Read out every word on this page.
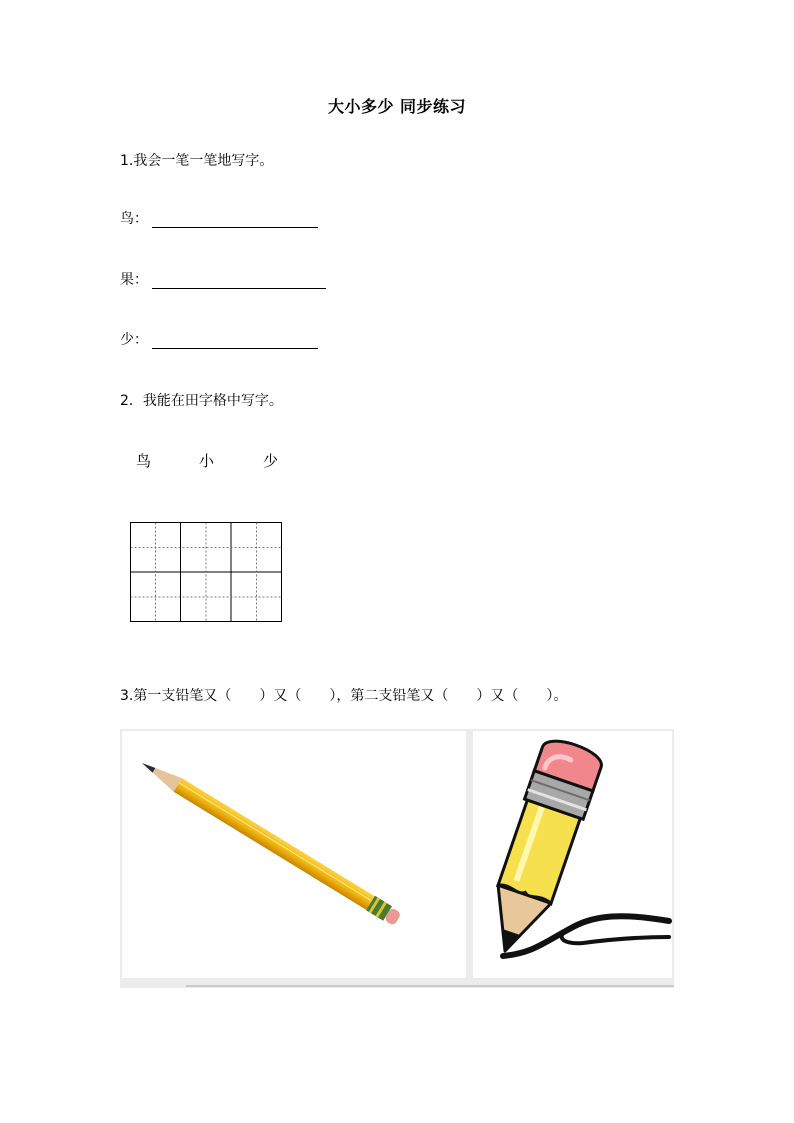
大小多少 同步练习
1.我会一笔一笔地写字。
鸟 ：
果 ：
少 ：
2．我能在田字格中写字。
鸟	小	少
3.第一支铅笔又（　　）又（　　），第二支铅笔又（　　）又（　　）。
